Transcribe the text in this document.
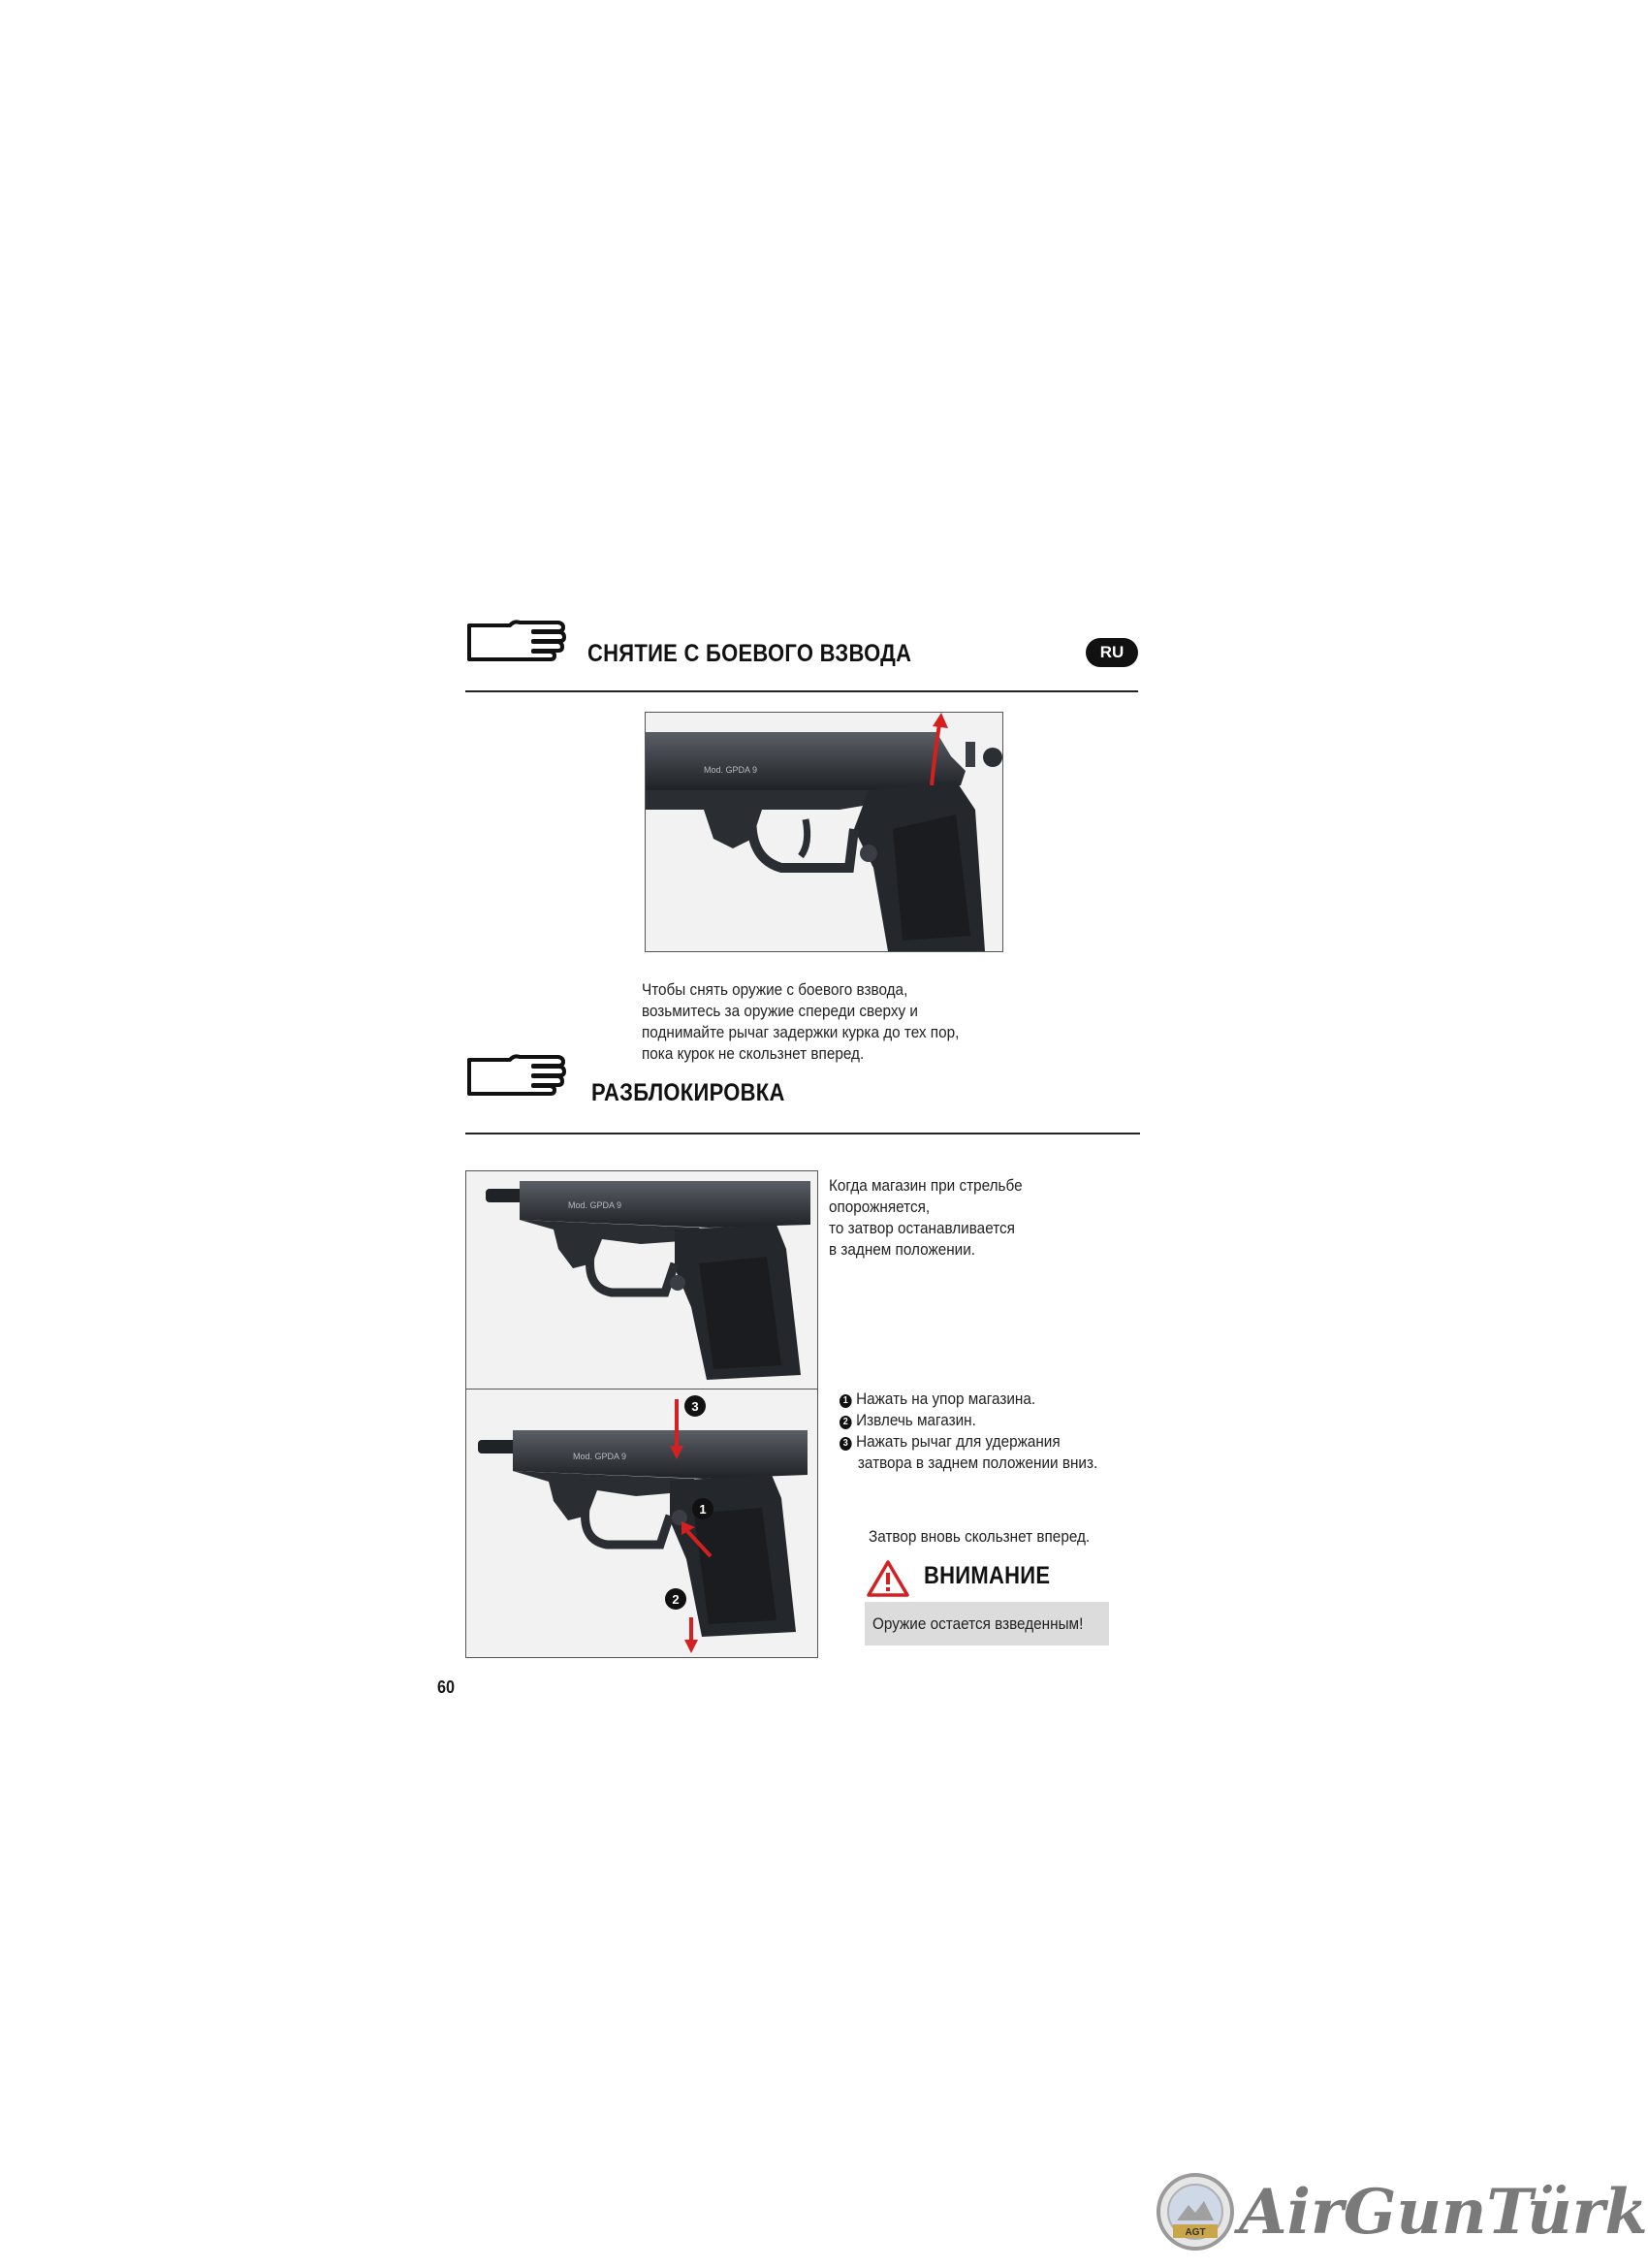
СНЯТИЕ С БОЕВОГО ВЗВОДА	RU
Mod. GPDA 9
Чтобы снять оружие с боевого взвода,
возьмитесь за оружие спереди сверху и
поднимайте рычаг задержки курка до тех пор,
пока курок не скользнет вперед.
РАЗБЛОКИРОВКА
Mod. GPDA 9
Когда магазин при стрельбе
опорожняется,
то затвор останавливается
в заднем положении.
Mod. GPDA 9
3
1
2
1 Нажать на упор магазина.
2 Извлечь магазин.
3 Нажать рычаг для удержания
затвора в заднем положении вниз.
Затвор вновь скользнет вперед.
ВНИМАНИЕ
Оружие остается взведенным!
60
AGT AirGunTürk
